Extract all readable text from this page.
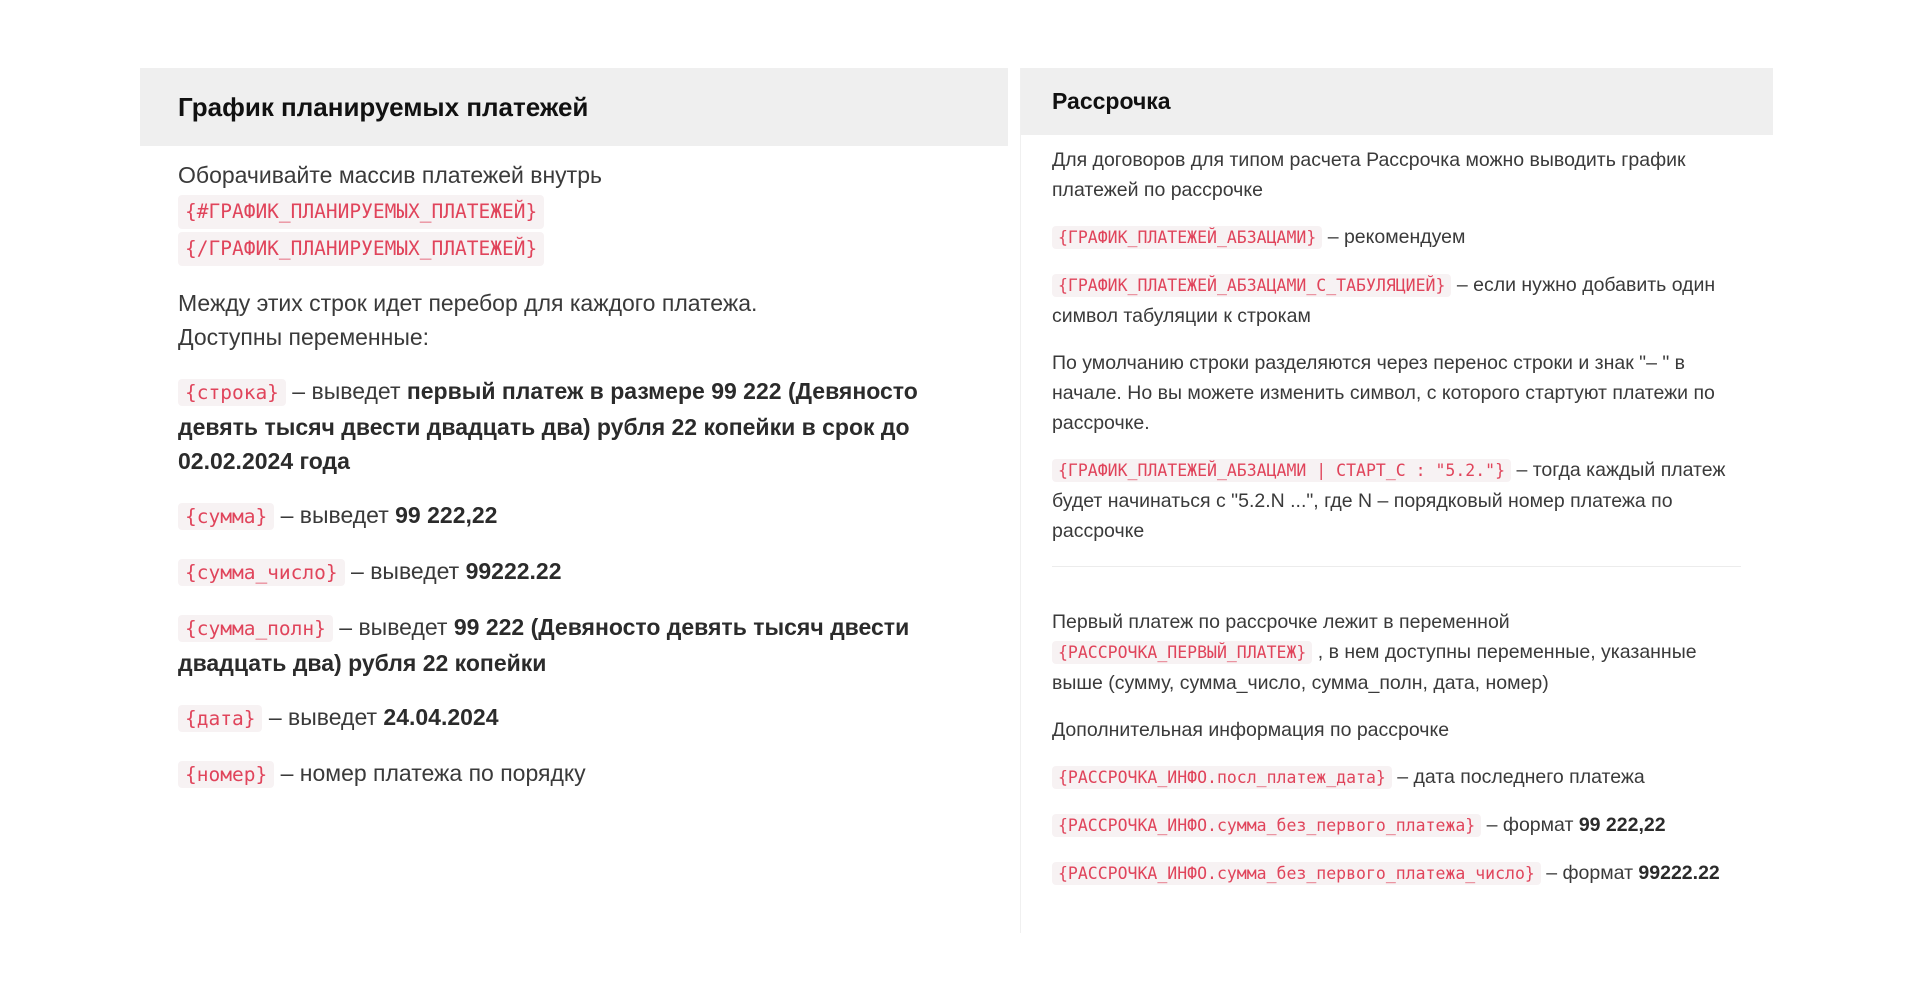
График планируемых платежей

Оборачивайте массив платежей внутрь
{#ГРАФИК_ПЛАНИРУЕМЫХ_ПЛАТЕЖЕЙ}
{/ГРАФИК_ПЛАНИРУЕМЫХ_ПЛАТЕЖЕЙ}

Между этих строк идет перебор для каждого платежа.
Доступны переменные:

{строка} – выведет первый платеж в размере 99 222 (Девяносто девять тысяч двести двадцать два) рубля 22 копейки в срок до 02.02.2024 года

{сумма} – выведет 99 222,22

{сумма_число} – выведет 99222.22

{сумма_полн} – выведет 99 222 (Девяносто девять тысяч двести двадцать два) рубля 22 копейки

{дата} – выведет 24.04.2024

{номер} – номер платежа по порядку

Рассрочка

Для договоров для типом расчета Рассрочка можно выводить график платежей по рассрочке

{ГРАФИК_ПЛАТЕЖЕЙ_АБЗАЦАМИ} – рекомендуем

{ГРАФИК_ПЛАТЕЖЕЙ_АБЗАЦАМИ_С_ТАБУЛЯЦИЕЙ} – если нужно добавить один символ табуляции к строкам

По умолчанию строки разделяются через перенос строки и знак "– " в начале. Но вы можете изменить символ, с которого стартуют платежи по рассрочке.

{ГРАФИК_ПЛАТЕЖЕЙ_АБЗАЦАМИ | СТАРТ_С : "5.2."} – тогда каждый платеж будет начинаться с "5.2.N ...", где N – порядковый номер платежа по рассрочке

Первый платеж по рассрочке лежит в переменной {РАССРОЧКА_ПЕРВЫЙ_ПЛАТЕЖ} , в нем доступны переменные, указанные выше (сумму, сумма_число, сумма_полн, дата, номер)

Дополнительная информация по рассрочке

{РАССРОЧКА_ИНФО.посл_платеж_дата} – дата последнего платежа

{РАССРОЧКА_ИНФО.сумма_без_первого_платежа} – формат 99 222,22

{РАССРОЧКА_ИНФО.сумма_без_первого_платежа_число} – формат 99222.22
